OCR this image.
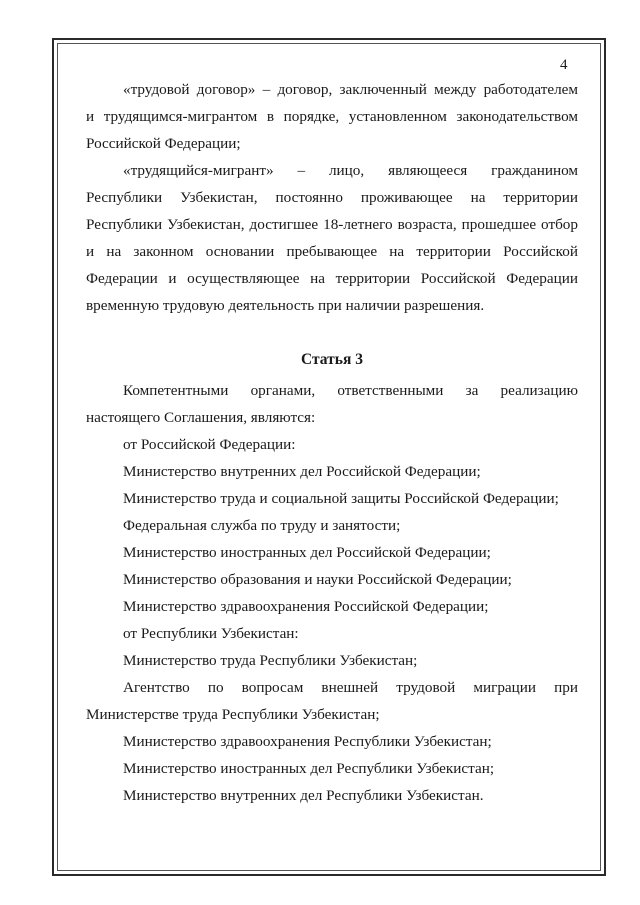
4
«трудовой договор» – договор, заключенный между работодателем
и трудящимся-мигрантом в порядке, установленном законодательством
Российской Федерации;
«трудящийся-мигрант» – лицо, являющееся гражданином
Республики Узбекистан, постоянно проживающее на территории
Республики Узбекистан, достигшее 18-летнего возраста, прошедшее отбор
и на законном основании пребывающее на территории Российской
Федерации и осуществляющее на территории Российской Федерации
временную трудовую деятельность при наличии разрешения.
Статья 3
Компетентными органами, ответственными за реализацию
настоящего Соглашения, являются:
от Российской Федерации:
Министерство внутренних дел Российской Федерации;
Министерство труда и социальной защиты Российской Федерации;
Федеральная служба по труду и занятости;
Министерство иностранных дел Российской Федерации;
Министерство образования и науки Российской Федерации;
Министерство здравоохранения Российской Федерации;
от Республики Узбекистан:
Министерство труда Республики Узбекистан;
Агентство по вопросам внешней трудовой миграции при
Министерстве труда Республики Узбекистан;
Министерство здравоохранения Республики Узбекистан;
Министерство иностранных дел Республики Узбекистан;
Министерство внутренних дел Республики Узбекистан.
